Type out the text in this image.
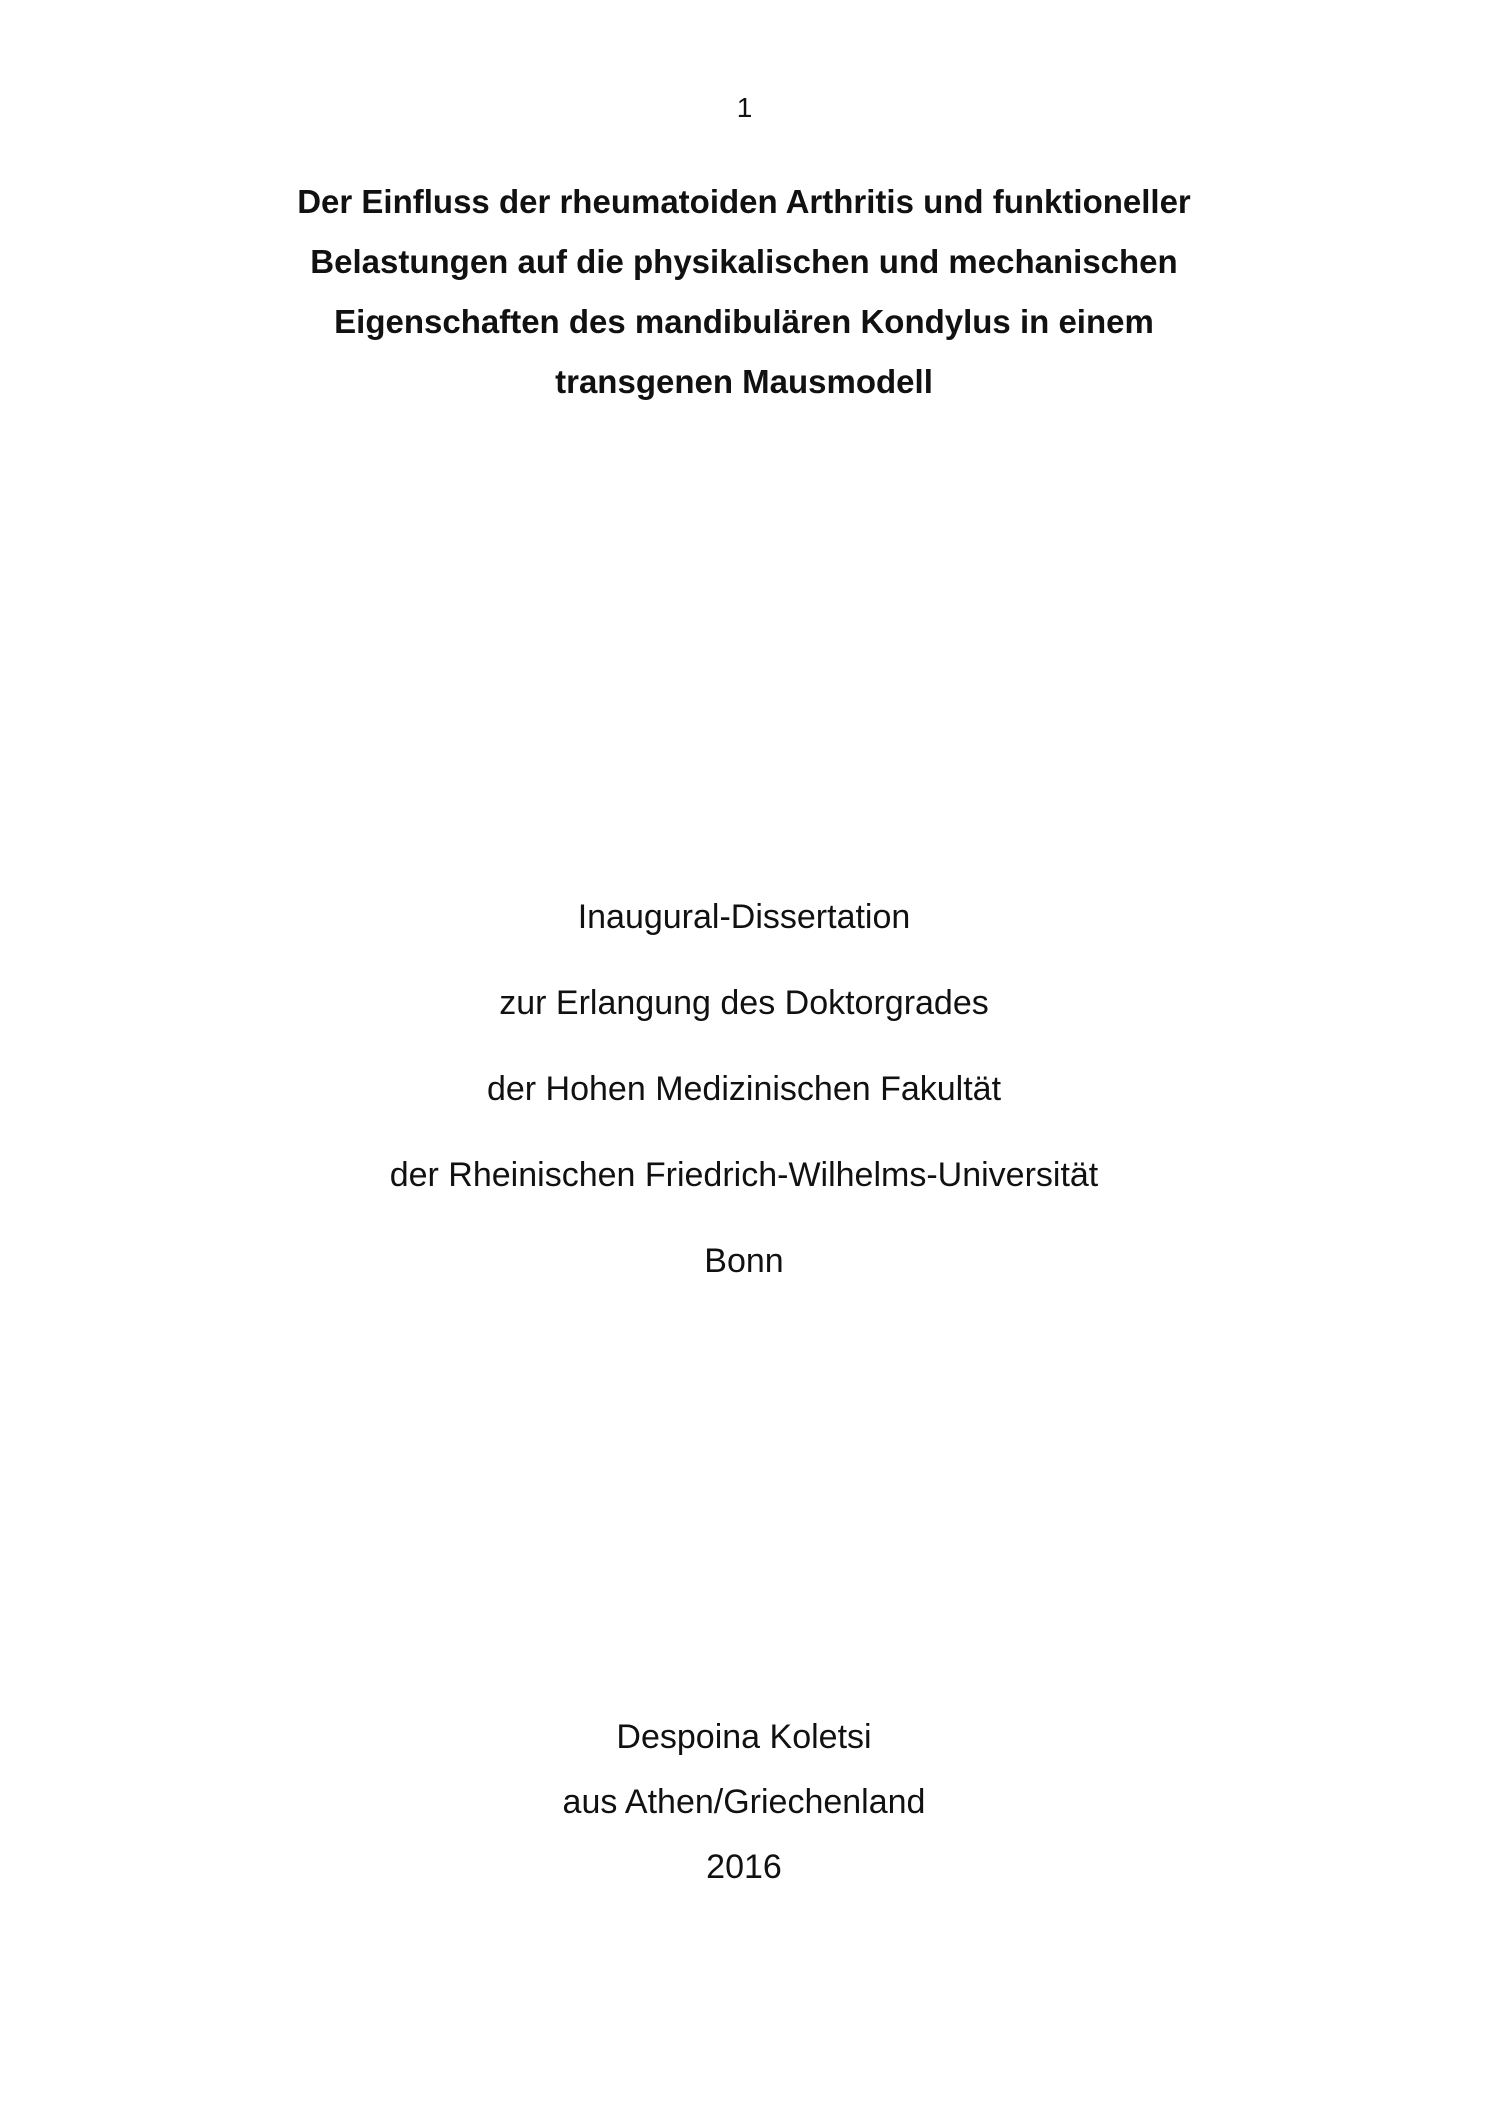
1
Der Einfluss der rheumatoiden Arthritis und funktioneller
Belastungen auf die physikalischen und mechanischen
Eigenschaften des mandibulären Kondylus in einem
transgenen Mausmodell
Inaugural-Dissertation
zur Erlangung des Doktorgrades
der Hohen Medizinischen Fakultät
der Rheinischen Friedrich-Wilhelms-Universität
Bonn
Despoina Koletsi
aus Athen/Griechenland
2016
